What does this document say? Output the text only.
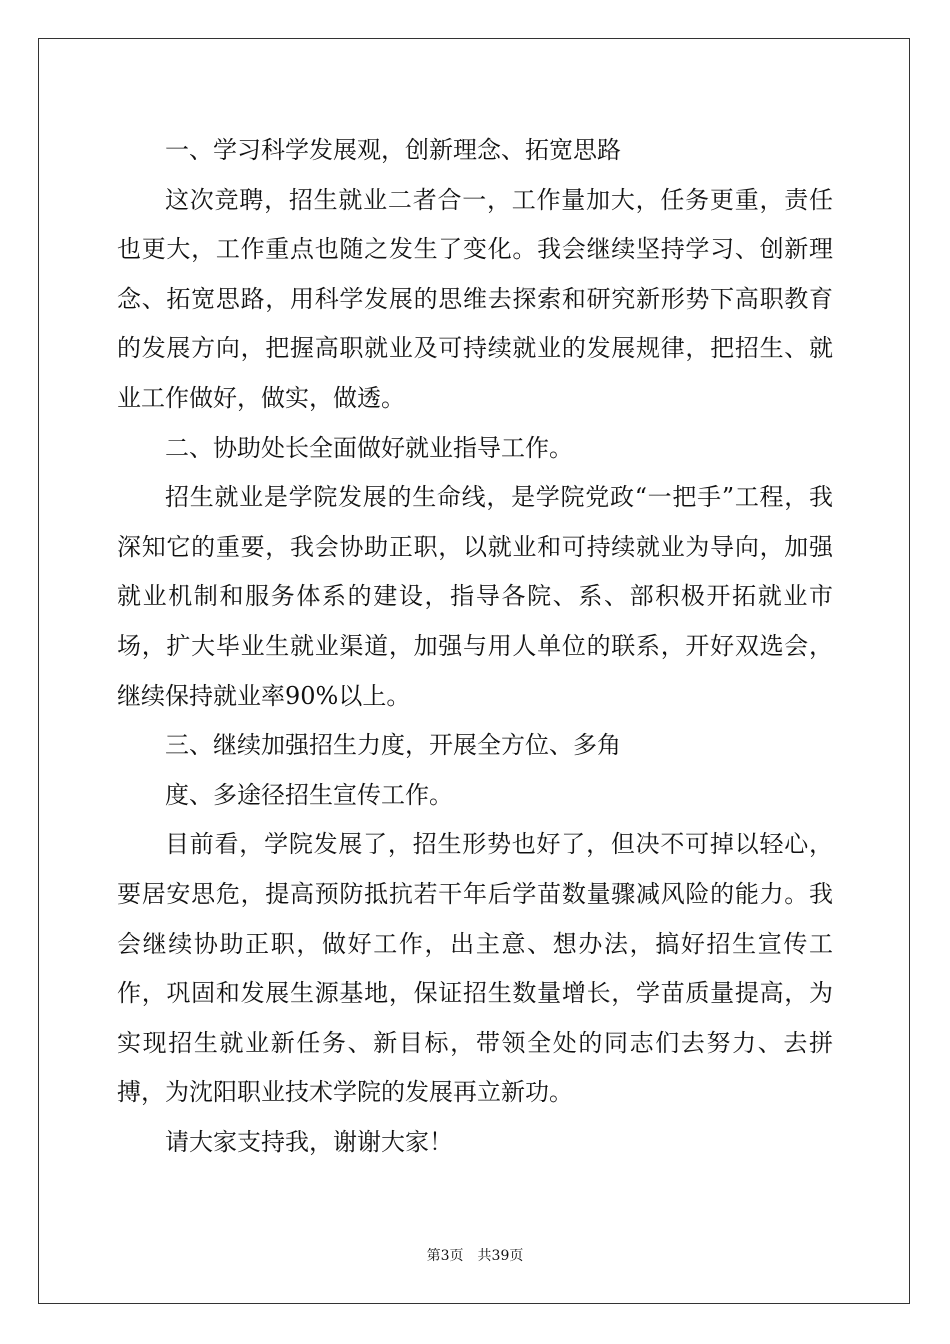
一、学习科学发展观，创新理念、拓宽思路

这次竞聘，招生就业二者合一，工作量加大，任务更重，责任也更大，工作重点也随之发生了变化。我会继续坚持学习、创新理念、拓宽思路，用科学发展的思维去探索和研究新形势下高职教育的发展方向，把握高职就业及可持续就业的发展规律，把招生、就业工作做好，做实，做透。

二、协助处长全面做好就业指导工作。

招生就业是学院发展的生命线，是学院党政“一把手”工程，我深知它的重要，我会协助正职，以就业和可持续就业为导向，加强就业机制和服务体系的建设，指导各院、系、部积极开拓就业市场，扩大毕业生就业渠道，加强与用人单位的联系，开好双选会，继续保持就业率90%以上。

三、继续加强招生力度，开展全方位、多角

度、多途径招生宣传工作。

目前看，学院发展了，招生形势也好了，但决不可掉以轻心，要居安思危，提高预防抵抗若干年后学苗数量骤减风险的能力。我会继续协助正职，做好工作，出主意、想办法，搞好招生宣传工作，巩固和发展生源基地，保证招生数量增长，学苗质量提高，为实现招生就业新任务、新目标，带领全处的同志们去努力、去拼搏，为沈阳职业技术学院的发展再立新功。

请大家支持我，谢谢大家！

第3页 共39页
